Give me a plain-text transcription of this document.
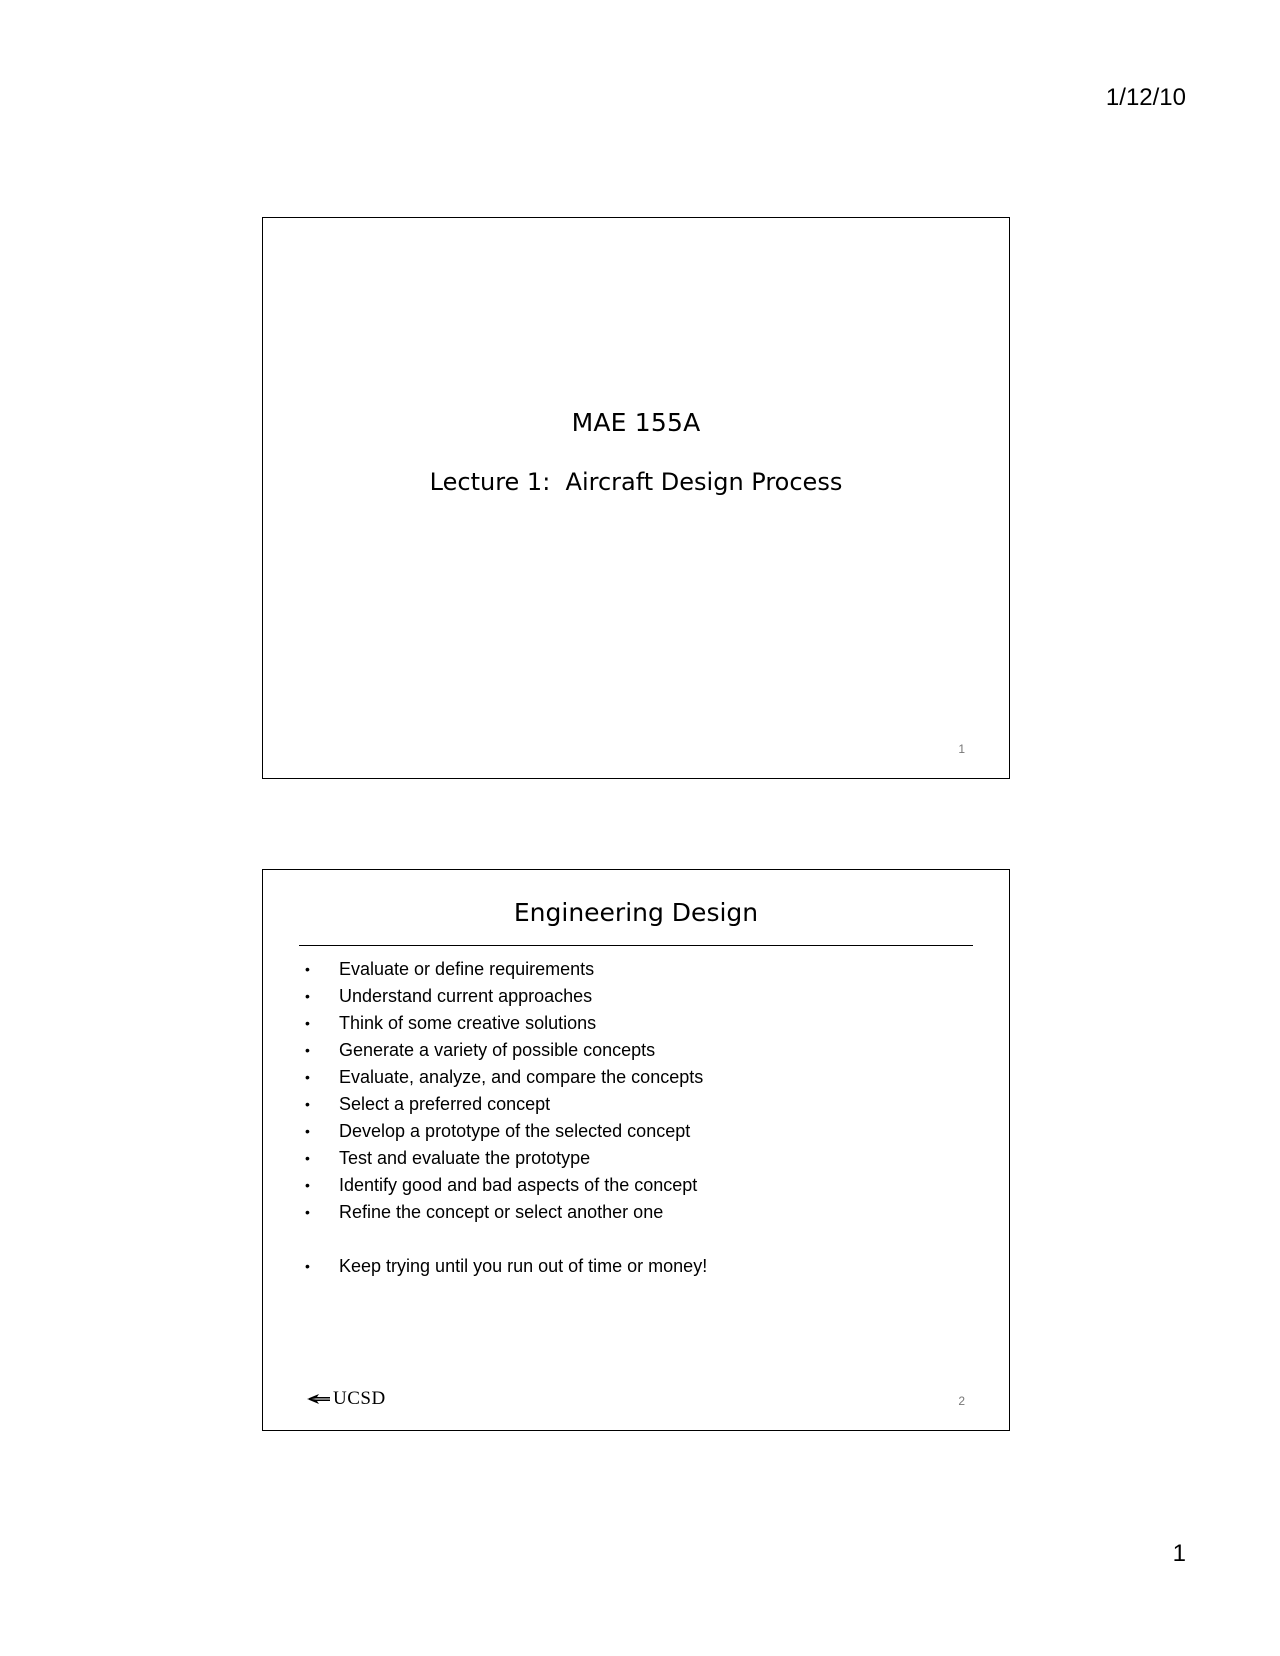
1/12/10
MAE 155A
Lecture 1:  Aircraft Design Process
1
Engineering Design
• Evaluate or define requirements
• Understand current approaches
• Think of some creative solutions
• Generate a variety of possible concepts
• Evaluate, analyze, and compare the concepts
• Select a preferred concept
• Develop a prototype of the selected concept
• Test and evaluate the prototype
• Identify good and bad aspects of the concept
• Refine the concept or select another one
• Keep trying until you run out of time or money!
UCSD	2
1
